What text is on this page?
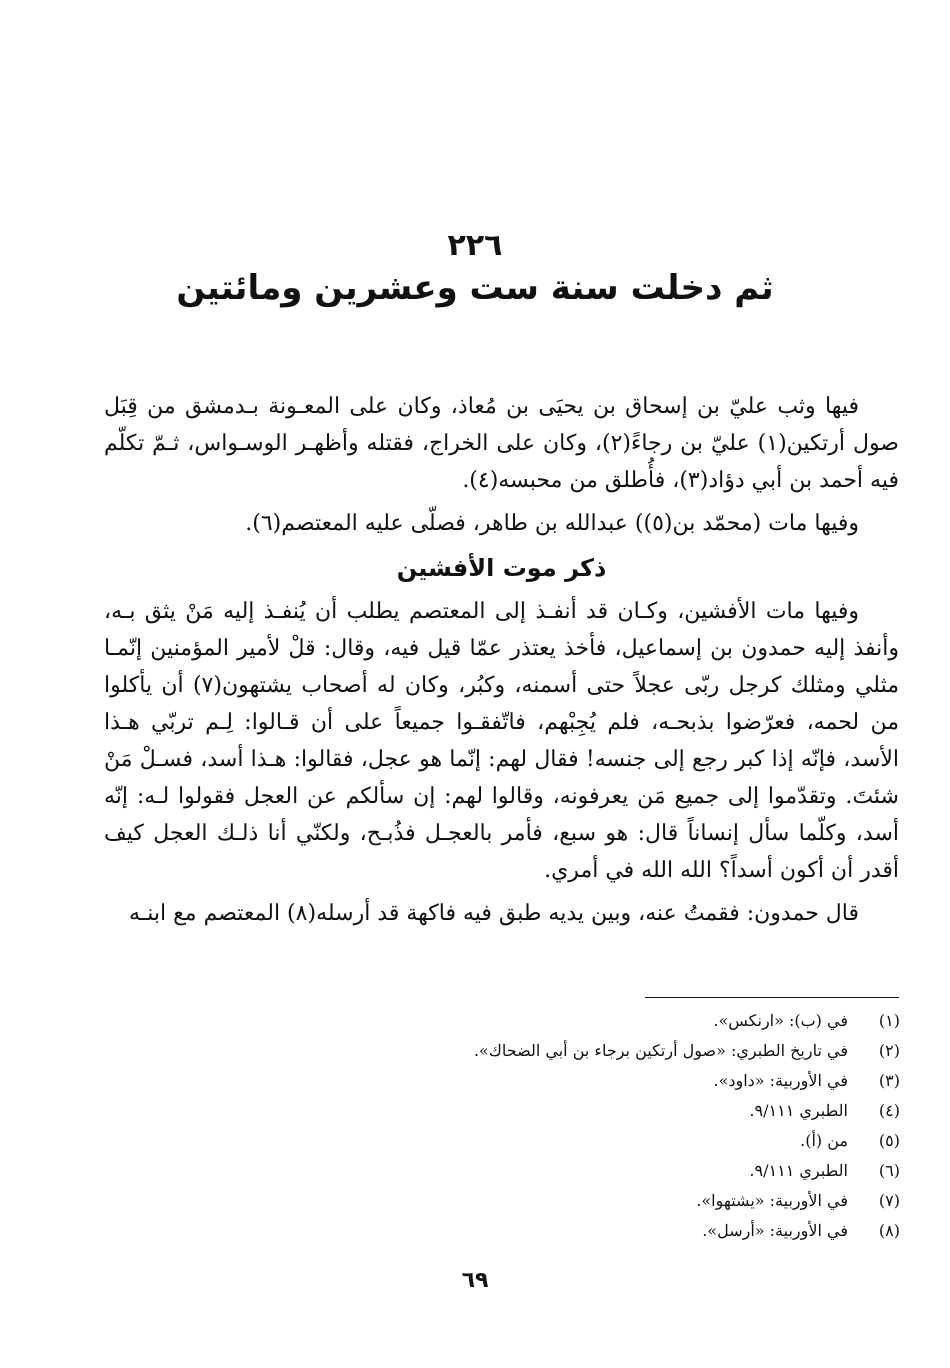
٢٢٦
ثم دخلت سنة ست وعشرين ومائتين

فيها وثب عليّ بن إسحاق بن يحيَى بن مُعاذ، وكان على المعـونة بـدمشق من قِبَل صول أرتكين(١) عليّ بن رجاءً(٢)، وكان على الخراج، فقتله وأظهـر الوسـواس، ثـمّ تكلّم فيه أحمد بن أبي دؤاد(٣)، فأُطلق من محبسه(٤).

وفيها مات (محمّد بن(٥)) عبدالله بن طاهر، فصلّى عليه المعتصم(٦).

ذكر موت الأفشين

وفيها مات الأفشين، وكـان قد أنفـذ إلى المعتصم يطلب أن يُنفـذ إليه مَنْ يثق بـه، وأنفذ إليه حمدون بن إسماعيل، فأخذ يعتذر عمّا قيل فيه، وقال: قلْ لأمير المؤمنين إنّمـا مثلي ومثلك كرجل ربّى عجلاً حتى أسمنه، وكبُر، وكان له أصحاب يشتهون(٧) أن يأكلوا من لحمه، فعرّضوا بذبحـه، فلم يُجِبْهم، فاتّفقـوا جميعاً على أن قـالوا: لِـم تربّي هـذا الأسد، فإنّه إذا كبر رجع إلى جنسه! فقال لهم: إنّما هو عجل، فقالوا: هـذا أسد، فسـلْ مَنْ شئتَ. وتقدّموا إلى جميع مَن يعرفونه، وقالوا لهم: إن سألكم عن العجل فقولوا لـه: إنّه أسد، وكلّما سأل إنساناً قال: هو سبع، فأمر بالعجـل فذُبـح، ولكنّي أنا ذلـك العجل كيف أقدر أن أكون أسداً؟ الله الله في أمري.

قال حمدون: فقمتُ عنه، وبين يديه طبق فيه فاكهة قد أرسله(٨) المعتصم مع ابنـه

(١)
في (ب): «ارنكس».
(٢)
في تاريخ الطبري: «صول أرتكين برجاء بن أبي الضحاك».
(٣)
في الأوربية: «داود».
(٤)
الطبري ٩/١١١.
(٥)
من (أ).
(٦)
الطبري ٩/١١١.
(٧)
في الأوربية: «يشتهوا».
(٨)
في الأوربية: «أرسل».
٦٩
